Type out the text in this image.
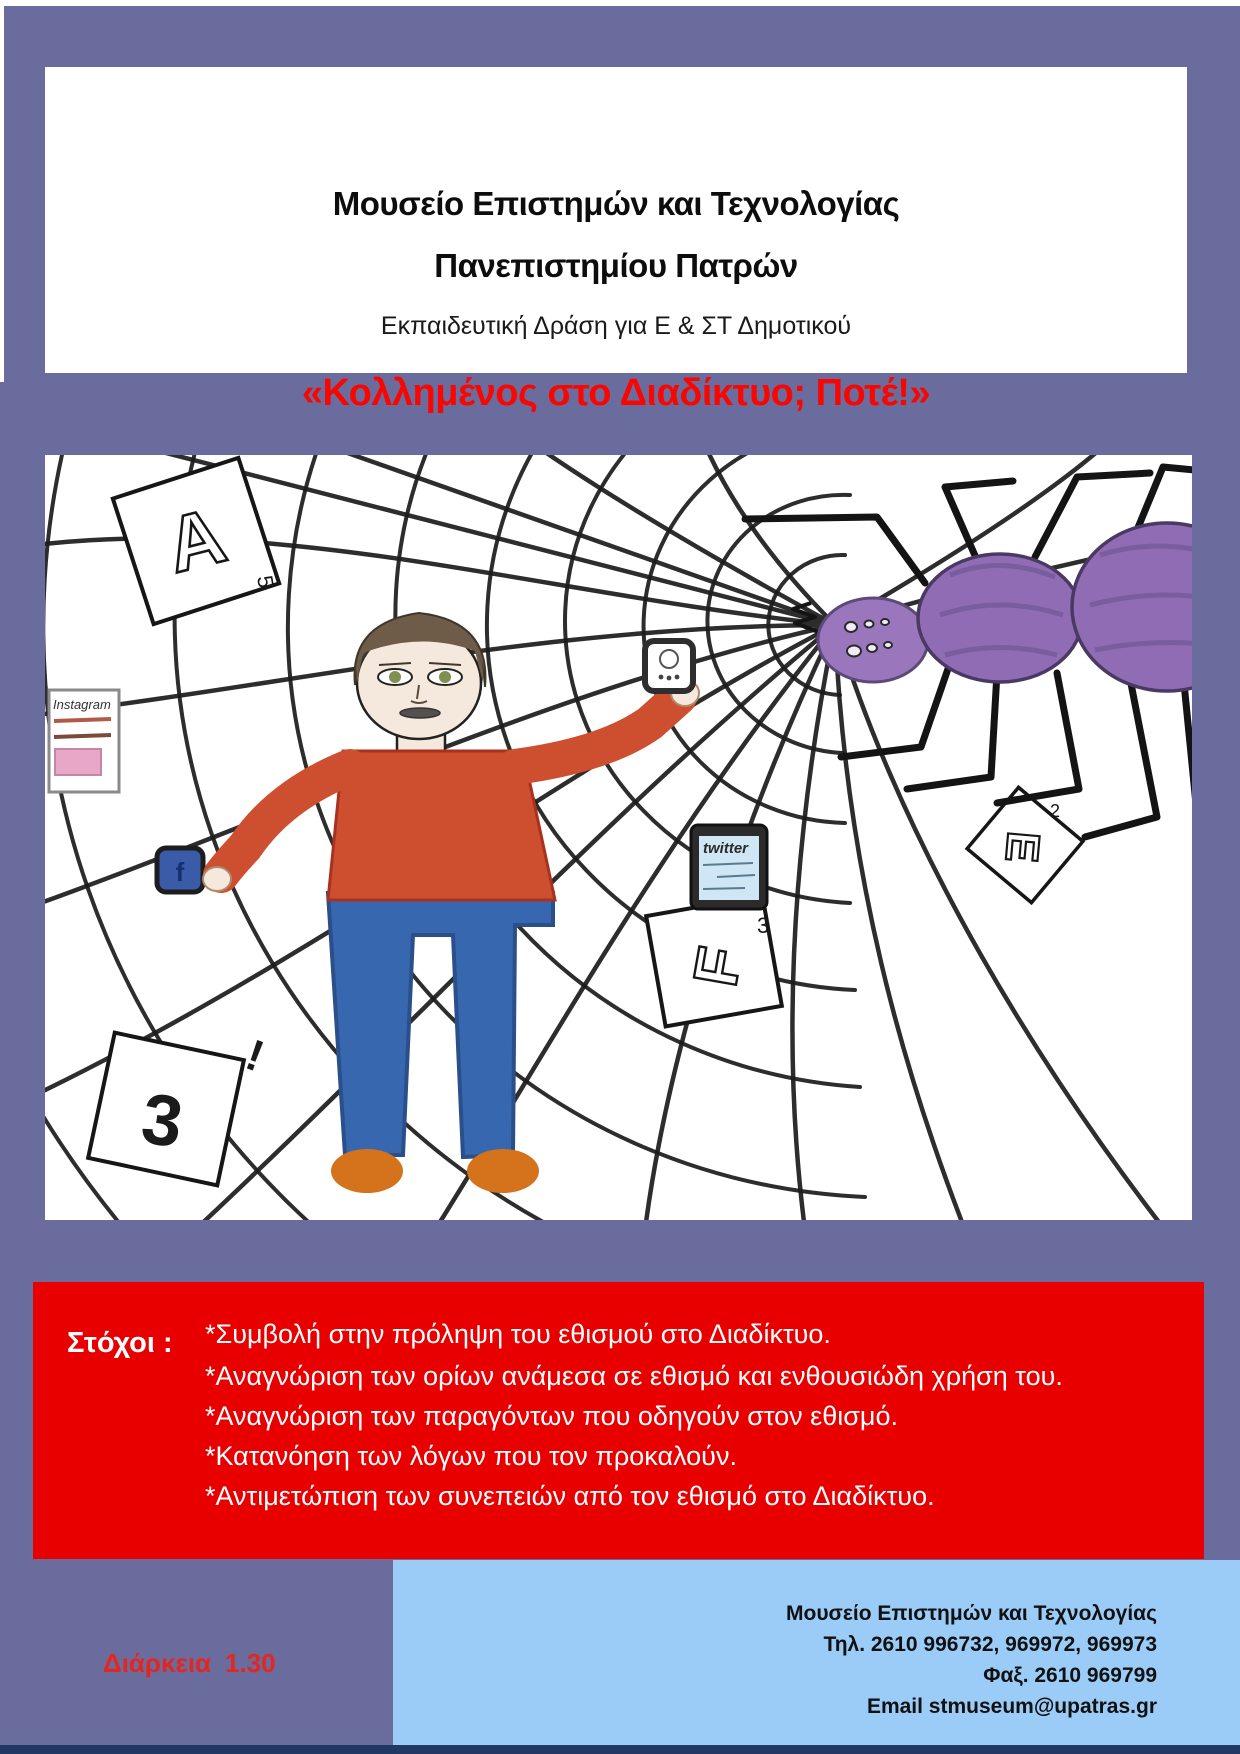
Μουσείο Επιστημών και Τεχνολογίας
Πανεπιστημίου Πατρών
Εκπαιδευτική Δράση για Ε & ΣΤ Δημοτικού
«Κολλημένος στο Διαδίκτυο; Ποτέ!»
A 5
3
!
F
3
E
2
Instagram
f
twitter
Στόχοι : *Συμβολή στην πρόληψη του εθισμού στο Διαδίκτυο.
*Αναγνώριση των ορίων ανάμεσα σε εθισμό και ενθουσιώδη χρήση του.
*Αναγνώριση των παραγόντων που οδηγούν στον εθισμό.
*Κατανόηση των λόγων που τον προκαλούν.
*Αντιμετώπιση των συνεπειών από τον εθισμό στο Διαδίκτυο.
Διάρκεια 1.30
Μουσείο Επιστημών και Τεχνολογίας
Τηλ. 2610 996732, 969972, 969973
Φαξ. 2610 969799
Email stmuseum@upatras.gr
